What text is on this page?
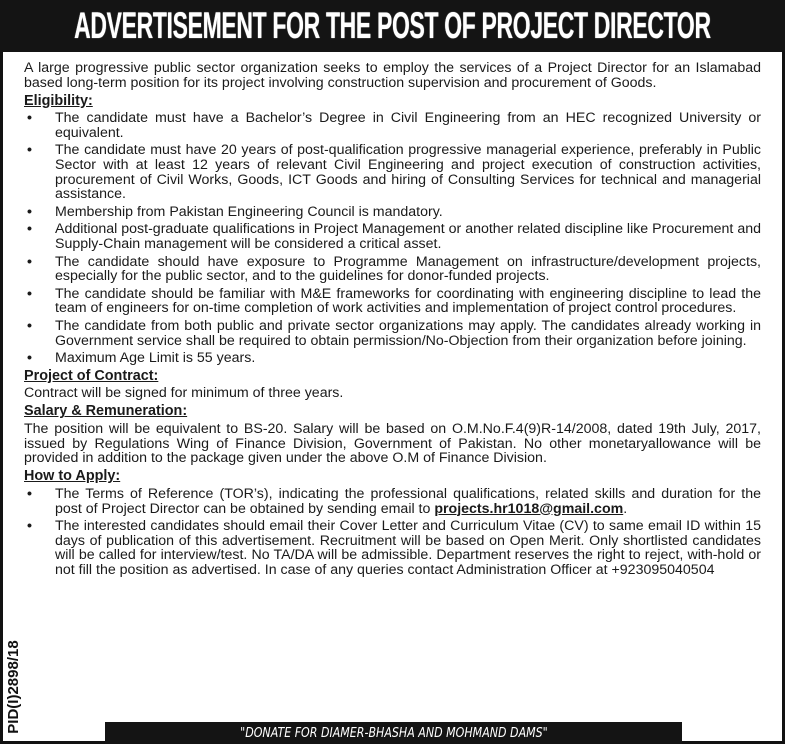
ADVERTISEMENT FOR THE POST OF PROJECT DIRECTOR

A large progressive public sector organization seeks to employ the services of a Project Director for an Islamabad based long-term position for its project involving construction supervision and procurement of Goods.

Eligibility:
• The candidate must have a Bachelor’s Degree in Civil Engineering from an HEC recognized University or equivalent.
• The candidate must have 20 years of post-qualification progressive managerial experience, preferably in Public Sector with at least 12 years of relevant Civil Engineering and project execution of construction activities, procurement of Civil Works, Goods, ICT Goods and hiring of Consulting Services for technical and managerial assistance.
• Membership from Pakistan Engineering Council is mandatory.
• Additional post-graduate qualifications in Project Management or another related discipline like Procurement and Supply-Chain management will be considered a critical asset.
• The candidate should have exposure to Programme Management on infrastructure/development projects, especially for the public sector, and to the guidelines for donor-funded projects.
• The candidate should be familiar with M&E frameworks for coordinating with engineering discipline to lead the team of engineers for on-time completion of work activities and implementation of project control procedures.
• The candidate from both public and private sector organizations may apply. The candidates already working in Government service shall be required to obtain permission/No-Objection from their organization before joining.
• Maximum Age Limit is 55 years.
Project of Contract:

Contract will be signed for minimum of three years.

Salary & Remuneration:

The position will be equivalent to BS-20. Salary will be based on O.M.No.F.4(9)R-14/2008, dated 19th July, 2017, issued by Regulations Wing of Finance Division, Government of Pakistan. No other monetaryallowance will be provided in addition to the package given under the above O.M of Finance Division.

How to Apply:
• The Terms of Reference (TOR’s), indicating the professional qualifications, related skills and duration for the post of Project Director can be obtained by sending email to projects.hr1018@gmail.com.
• The interested candidates should email their Cover Letter and Curriculum Vitae (CV) to same email ID within 15 days of publication of this advertisement. Recruitment will be based on Open Merit. Only shortlisted candidates will be called for interview/test. No TA/DA will be admissible. Department reserves the right to reject, with-hold or not fill the position as advertised. In case of any queries contact Administration Officer at +923095040504
PID(I)2898/18	"DONATE FOR DIAMER-BHASHA AND MOHMAND DAMS"
